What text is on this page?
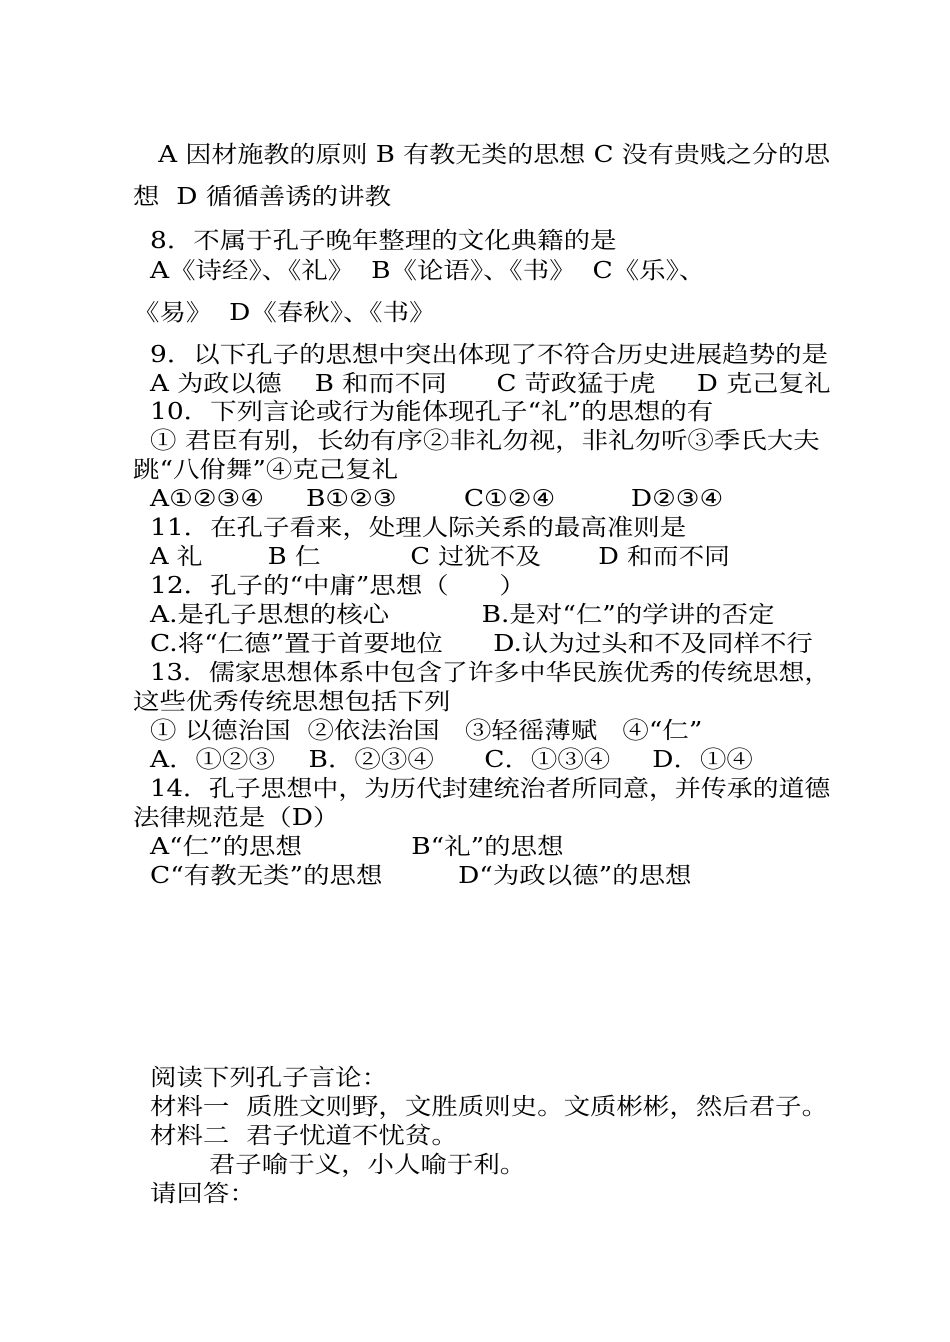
A 因材施教的原则 B 有教无类的思想 C 没有贵贱之分的思
想  D 循循善诱的讲教
8．不属于孔子晚年整理的文化典籍的是
A《诗经》、《礼》  B《论语》、《书》  C《乐》、
《易》  D《春秋》、《书》
9．以下孔子的思想中突出体现了不符合历史进展趋势的是
A 为政以德    B 和而不同      C 苛政猛于虎     D 克己复礼
10．下列言论或行为能体现孔子“礼”的思想的有
① 君臣有别，长幼有序②非礼勿视，非礼勿听③季氏大夫
跳“八佾舞”④克己复礼
A①②③④     B①②③        C①②④         D②③④
11．在孔子看来，处理人际关系的最高准则是
A 礼        B 仁           C 过犹不及       D 和而不同
12．孔子的“中庸”思想（      ）
A.是孔子思想的核心           B.是对“仁”的学讲的否定
C.将“仁德”置于首要地位      D.认为过头和不及同样不行
13．儒家思想体系中包含了许多中华民族优秀的传统思想，
这些优秀传统思想包括下列
① 以德治国  ②依法治国   ③轻徭薄赋   ④“仁”
A．①②③    B．②③④      C．①③④     D．①④
14．孔子思想中，为历代封建统治者所同意，并传承的道德
法律规范是（D）
A“仁”的思想             B“礼”的思想
C“有教无类”的思想         D“为政以德”的思想
阅读下列孔子言论：
材料一  质胜文则野，文胜质则史。文质彬彬，然后君子。
材料二  君子忧道不忧贫。
君子喻于义，小人喻于利。
请回答：
